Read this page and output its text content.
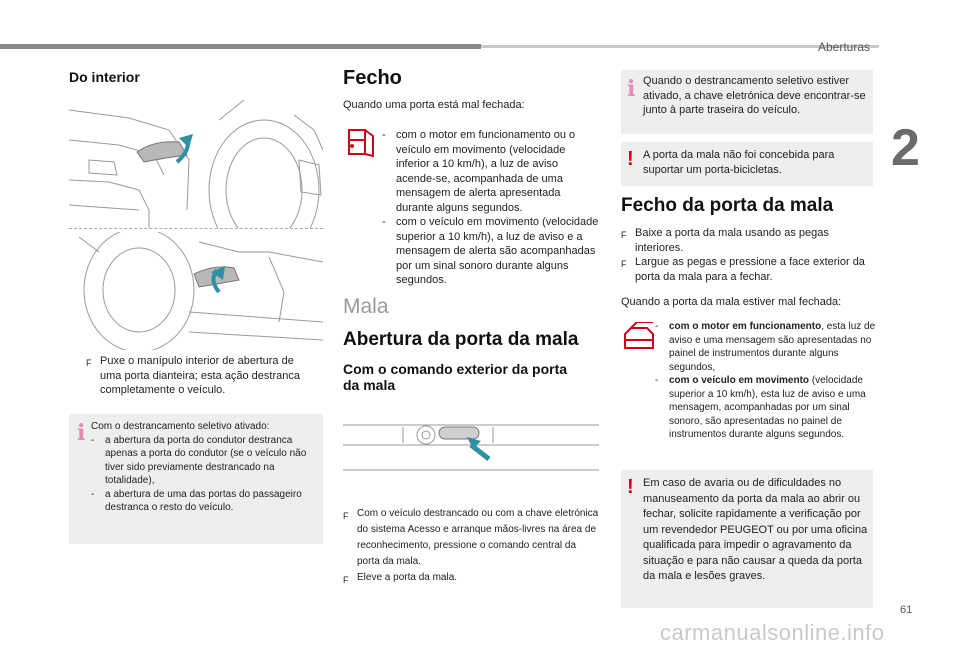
Aberturas
2
61
Do interior
F Puxe o manípulo interior de abertura de uma porta dianteira; esta ação destranca completamente o veículo.
i Com o destrancamento seletivo ativado:
-	a abertura da porta do condutor destranca apenas a porta do condutor (se o veículo não tiver sido previamente destrancado na totalidade),
-	a abertura de uma das portas do passageiro destranca o resto do veículo.
Fecho
Quando uma porta está mal fechada:
- com o motor em funcionamento ou o veículo em movimento (velocidade inferior a 10 km/h), a luz de aviso acende-se, acompanhada de uma mensagem de alerta apresentada durante alguns segundos.
- com o veículo em movimento (velocidade superior a 10 km/h), a luz de aviso e a mensagem de alerta são acompanhadas por um sinal sonoro durante alguns segundos.
Mala
Abertura da porta da mala
Com o comando exterior da porta da mala
F Com o veículo destrancado ou com a chave eletrónica do sistema Acesso e arranque mãos-livres na área de reconhecimento, pressione o comando central da porta da mala.
F Eleve a porta da mala.
i Quando o destrancamento seletivo estiver ativado, a chave eletrónica deve encontrar-se junto à parte traseira do veículo.
! A porta da mala não foi concebida para suportar um porta-bicicletas.
Fecho da porta da mala
F Baixe a porta da mala usando as pegas interiores.
F Largue as pegas e pressione a face exterior da porta da mala para a fechar.
Quando a porta da mala estiver mal fechada:
-	com o motor em funcionamento, esta luz de aviso e uma mensagem são apresentadas no painel de instrumentos durante alguns segundos,
-	com o veículo em movimento (velocidade superior a 10 km/h), esta luz de aviso e uma mensagem, acompanhadas por um sinal sonoro, são apresentadas no painel de instrumentos durante alguns segundos.
! Em caso de avaria ou de dificuldades no manuseamento da porta da mala ao abrir ou fechar, solicite rapidamente a verificação por um revendedor PEUGEOT ou por uma oficina qualificada para impedir o agravamento da situação e para não causar a queda da porta da mala e lesões graves.
carmanualsonline.info
